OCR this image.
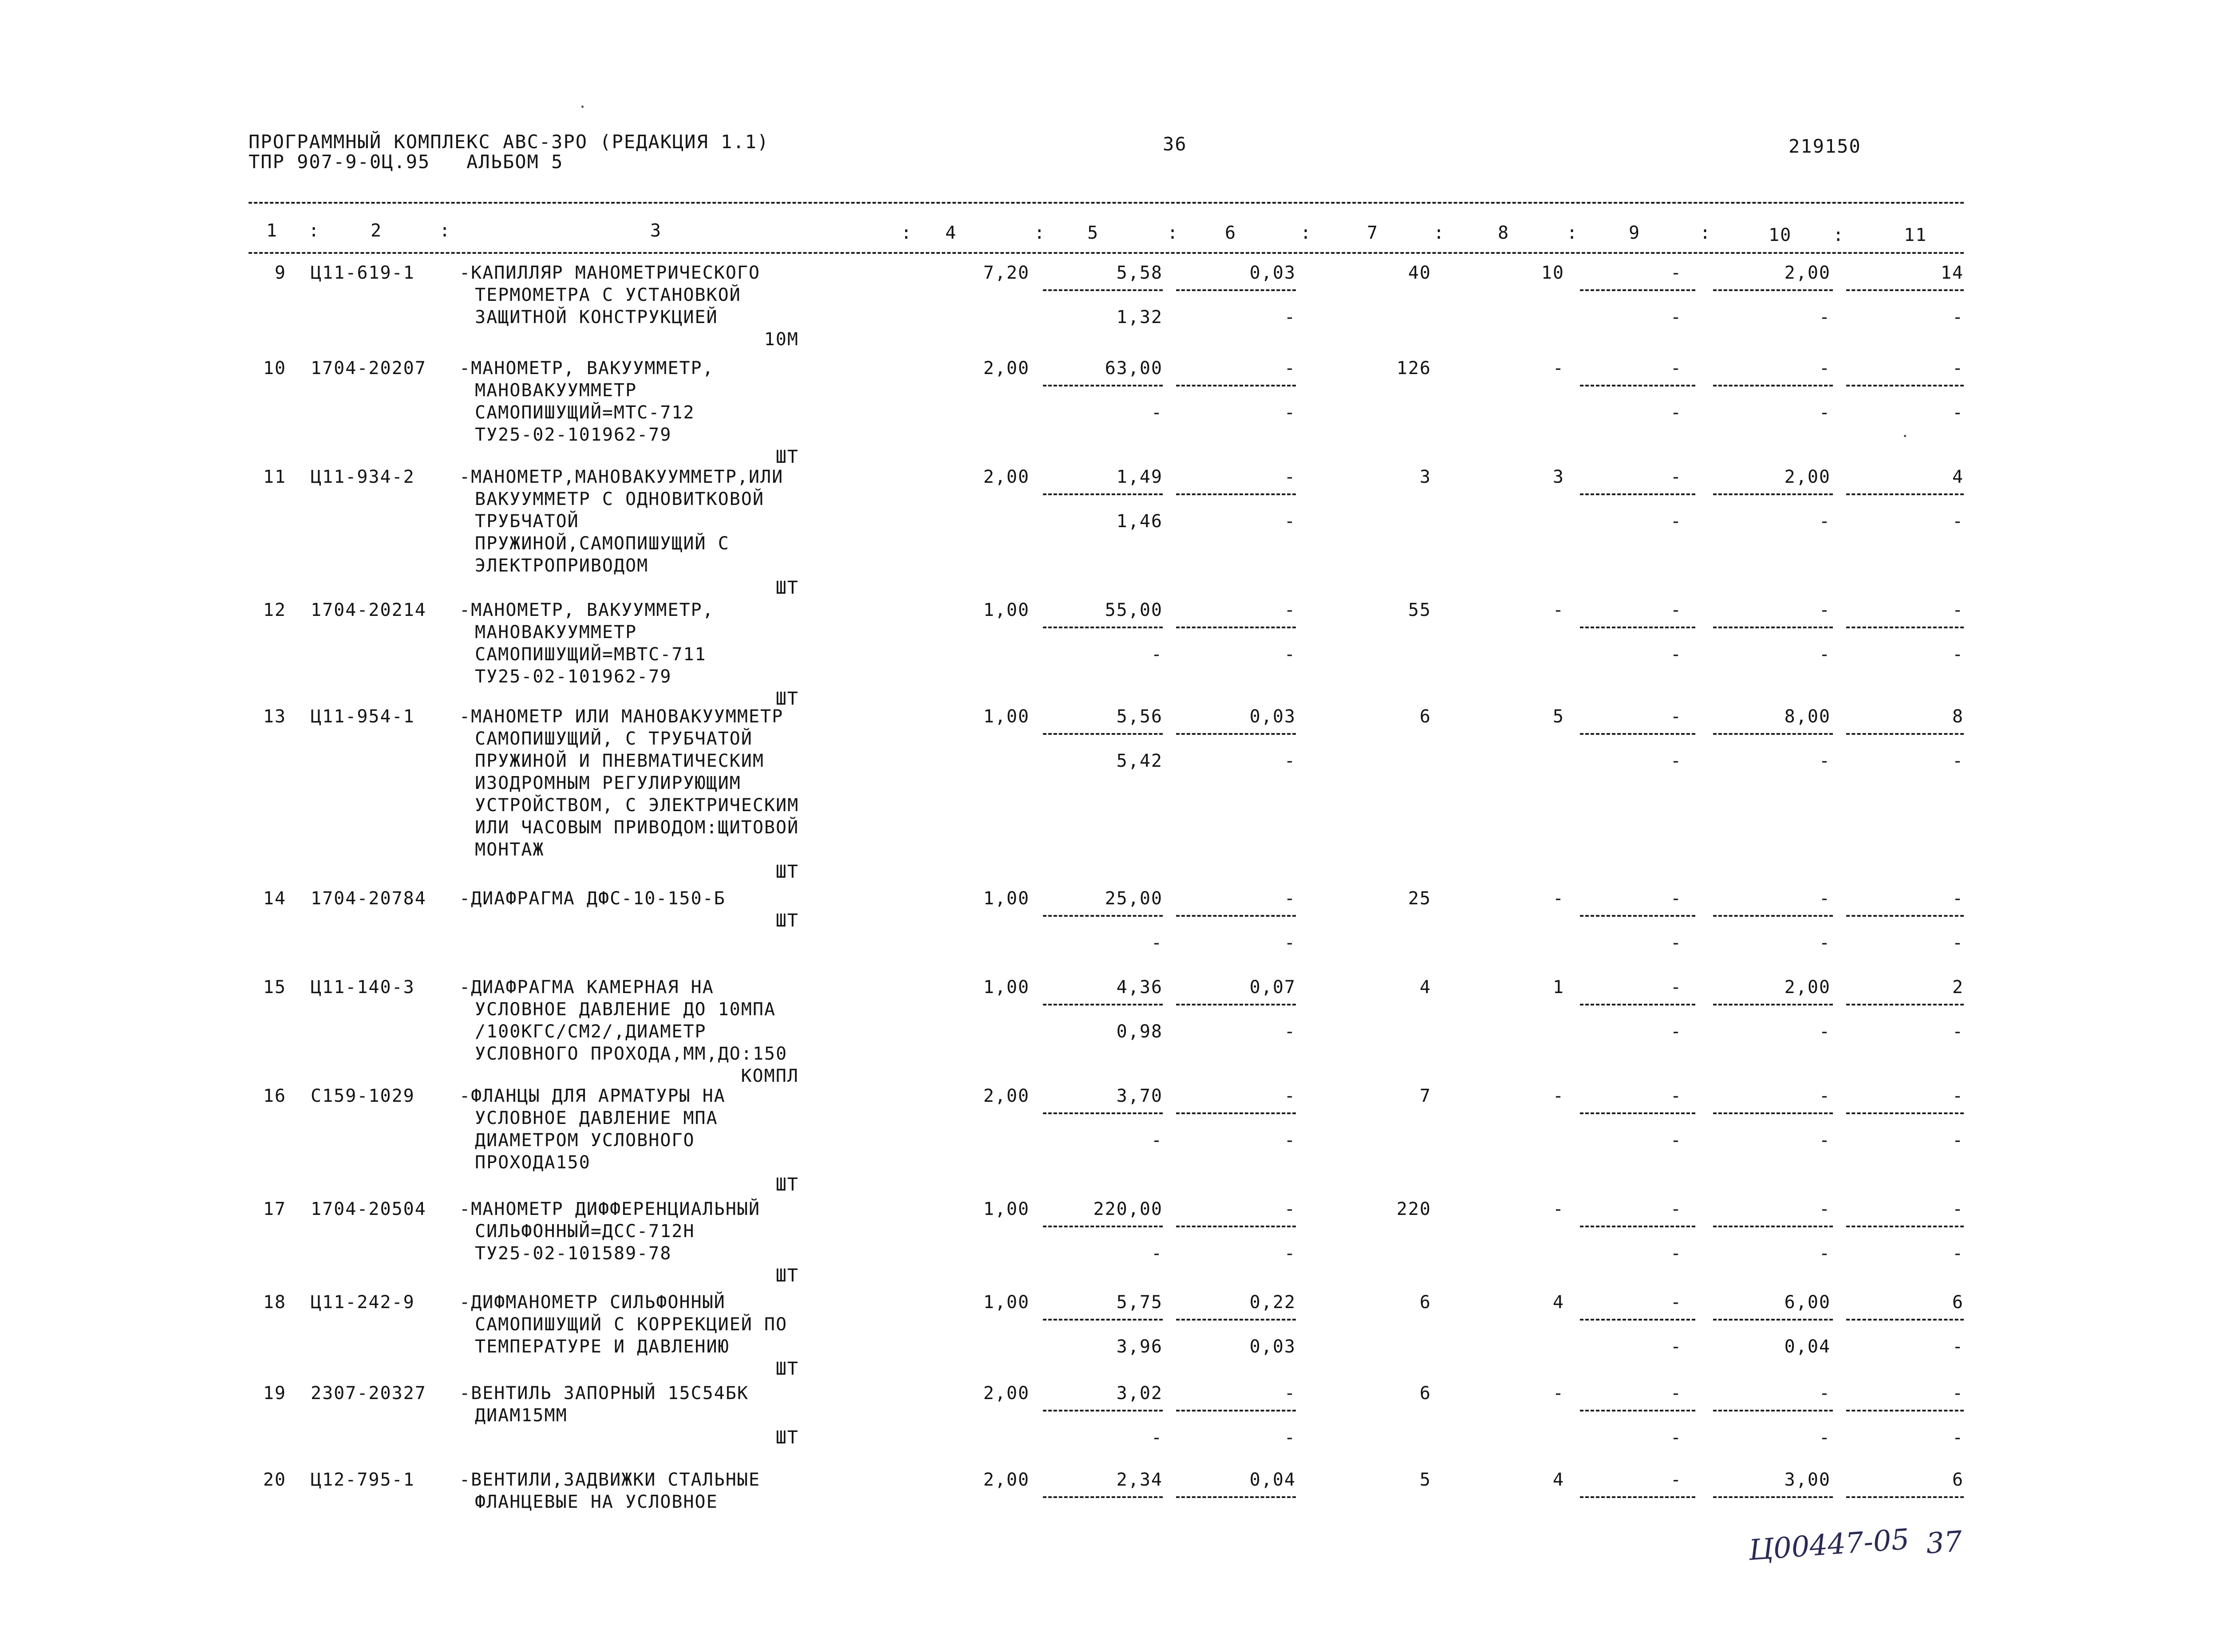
ПРОГРАММНЫЙ КОМПЛЕКС АВС-3РО (РЕДАКЦИЯ 1.1)
ТПР 907-9-0Ц.95   АЛЬБОМ 5
36	219150
1	2	3	4	5	6	7	8	9	10	11
:	:	:	:	:	:	:	:	:	:
9 Ц11-619-1	-КАПИЛЛЯР МАНОМЕТРИЧЕСКОГО
ТЕРМОМЕТРА С УСТАНОВКОЙ
ЗАЩИТНОЙ КОНСТРУКЦИЕЙ
10М
7,20	5,58	0,03	40	10	-	2,00	14
1,32	-	-	-	-
10 1704-20207 -МАНОМЕТР, ВАКУУММЕТР,
МАНОВАКУУММЕТР
САМОПИШУЩИЙ=МТС-712
ТУ25-02-101962-79
ШТ
2,00	63,00	-	126	-	-	-	-
-	-	-	-	-
11 Ц11-934-2	-МАНОМЕТР,МАНОВАКУУММЕТР,ИЛИ
ВАКУУММЕТР С ОДНОВИТКОВОЙ
ТРУБЧАТОЙ
ПРУЖИНОЙ,САМОПИШУЩИЙ С
ЭЛЕКТРОПРИВОДОМ
ШТ
2,00	1,49	-	3	3	-	2,00	4
1,46	-	-	-	-
12 1704-20214 -МАНОМЕТР, ВАКУУММЕТР,
МАНОВАКУУММЕТР
САМОПИШУЩИЙ=МВТС-711
ТУ25-02-101962-79
ШТ
1,00	55,00	-	55	-	-	-	-
-	-	-	-	-
13 Ц11-954-1	-МАНОМЕТР ИЛИ МАНОВАКУУММЕТР
САМОПИШУЩИЙ, С ТРУБЧАТОЙ
ПРУЖИНОЙ И ПНЕВМАТИЧЕСКИМ
ИЗОДРОМНЫМ РЕГУЛИРУЮЩИМ
УСТРОЙСТВОМ, С ЭЛЕКТРИЧЕСКИМ
ИЛИ ЧАСОВЫМ ПРИВОДОМ:ЩИТОВОЙ
МОНТАЖ
ШТ
1,00	5,56	0,03	6	5	-	8,00	8
5,42	-	-	-	-
14 1704-20784 -ДИАФРАГМА ДФС-10-150-Б
ШТ
1,00	25,00	-	25	-	-	-	-
-	-	-	-	-
15 Ц11-140-3	-ДИАФРАГМА КАМЕРНАЯ НА
УСЛОВНОЕ ДАВЛЕНИЕ ДО 10МПА
/100КГС/СМ2/,ДИАМЕТР
УСЛОВНОГО ПРОХОДА,ММ,ДО:150
КОМПЛ
1,00	4,36	0,07	4	1	-	2,00	2
0,98	-	-	-	-
16 С159-1029	-ФЛАНЦЫ ДЛЯ АРМАТУРЫ НА
УСЛОВНОЕ ДАВЛЕНИЕ МПА
ДИАМЕТРОМ УСЛОВНОГО
ПРОХОДА150
ШТ
2,00	3,70	-	7	-	-	-	-
-	-	-	-	-
17 1704-20504 -МАНОМЕТР ДИФФЕРЕНЦИАЛЬНЫЙ
СИЛЬФОННЫЙ=ДСС-712Н
ТУ25-02-101589-78
ШТ
1,00	220,00	-	220	-	-	-	-
-	-	-	-	-
18 Ц11-242-9	-ДИФМАНОМЕТР СИЛЬФОННЫЙ
САМОПИШУЩИЙ С КОРРЕКЦИЕЙ ПО
ТЕМПЕРАТУРЕ И ДАВЛЕНИЮ
ШТ
1,00	5,75	0,22	6	4	-	6,00	6
3,96	0,03	-	0,04	-
19 2307-20327 -ВЕНТИЛЬ ЗАПОРНЫЙ 15С54БК
ДИАМ15ММ
ШТ
2,00	3,02	-	6	-	-	-	-
-	-	-	-	-
20 Ц12-795-1	-ВЕНТИЛИ,ЗАДВИЖКИ СТАЛЬНЫЕ
ФЛАНЦЕВЫЕ НА УСЛОВНОЕ
2,00	2,34	0,04	5	4	-	3,00	6
Ц00447-05 37
